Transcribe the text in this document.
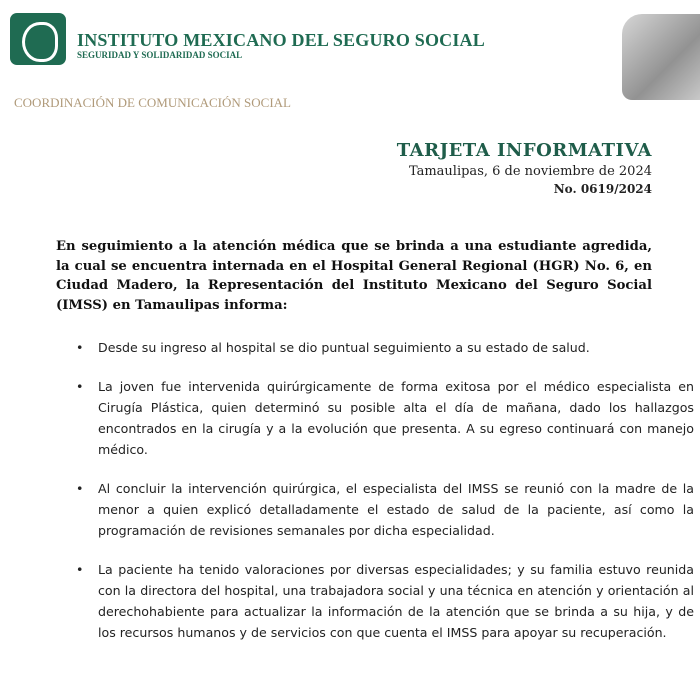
INSTITUTO MEXICANO DEL SEGURO SOCIAL
SEGURIDAD Y SOLIDARIDAD SOCIAL
COORDINACIÓN DE COMUNICACIÓN SOCIAL
TARJETA INFORMATIVA
Tamaulipas, 6 de noviembre de 2024
No. 0619/2024
En seguimiento a la atención médica que se brinda a una estudiante agredida, la cual se encuentra internada en el Hospital General Regional (HGR) No. 6, en Ciudad Madero, la Representación del Instituto Mexicano del Seguro Social (IMSS) en Tamaulipas informa:
• Desde su ingreso al hospital se dio puntual seguimiento a su estado de salud.
• La joven fue intervenida quirúrgicamente de forma exitosa por el médico especialista en Cirugía Plástica, quien determinó su posible alta el día de mañana, dado los hallazgos encontrados en la cirugía y a la evolución que presenta. A su egreso continuará con manejo médico.
• Al concluir la intervención quirúrgica, el especialista del IMSS se reunió con la madre de la menor a quien explicó detalladamente el estado de salud de la paciente, así como la programación de revisiones semanales por dicha especialidad.
• La paciente ha tenido valoraciones por diversas especialidades; y su familia estuvo reunida con la directora del hospital, una trabajadora social y una técnica en atención y orientación al derechohabiente para actualizar la información de la atención que se brinda a su hija, y de los recursos humanos y de servicios con que cuenta el IMSS para apoyar su recuperación.
